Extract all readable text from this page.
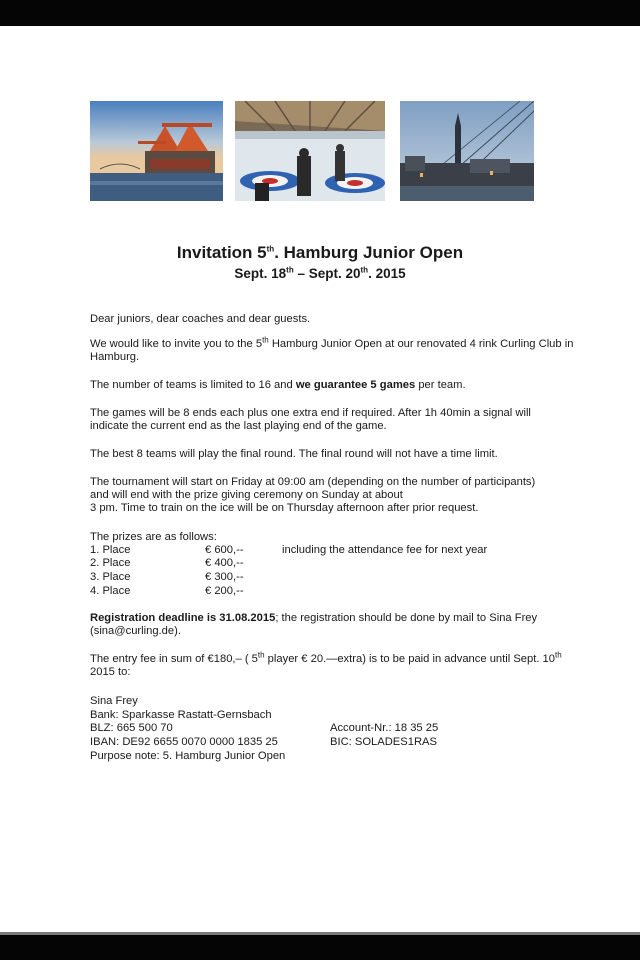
Invitation 5th. Hamburg Junior Open
Sept. 18th – Sept. 20th. 2015
Dear juniors, dear coaches and dear guests.
We would like to invite you to the 5th Hamburg Junior Open at our renovated 4 rink Curling Club in Hamburg.
The number of teams is limited to 16 and we guarantee 5 games per team.
The games will be 8 ends each plus one extra end if required. After 1h 40min a signal will indicate the current end as the last playing end of the game.
The best 8 teams will play the final round. The final round will not have a time limit.
The tournament will start on Friday at 09:00 am (depending on the number of participants)
and will end with the prize giving ceremony on Sunday at about
3 pm. Time to train on the ice will be on Thursday afternoon after prior request.
The prizes are as follows:
1. Place	€ 600,--	including the attendance fee for next year
2. Place	€ 400,--
3. Place	€ 300,--
4. Place	€ 200,--
Registration deadline is 31.08.2015; the registration should be done by mail to Sina Frey (sina@curling.de).
The entry fee in sum of €180,– ( 5th player € 20.—extra) is to be paid in advance until Sept. 10th 2015 to:
Sina Frey
Bank: Sparkasse Rastatt-Gernsbach
BLZ: 665 500 70
IBAN: DE92 6655 0070 0000 1835 25
Purpose note: 5. Hamburg Junior Open
Account-Nr.: 18 35 25
BIC: SOLADES1RAS
